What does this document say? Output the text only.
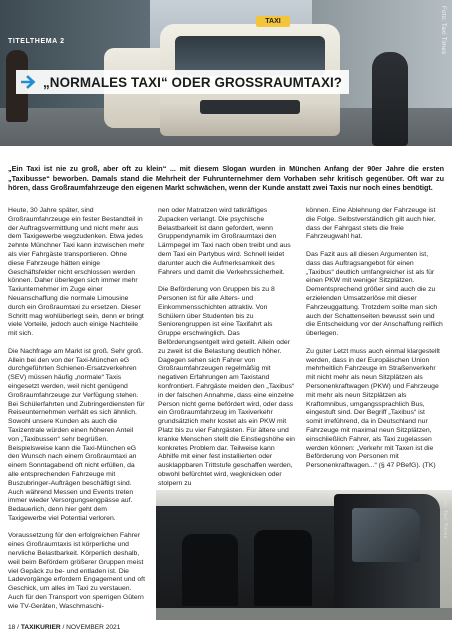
TAXI	Foto: Taxi Times
TITELTHEMA 2
„NORMALES TAXI“ ODER GROSSRAUMTAXI?
„Ein Taxi ist nie zu groß, aber oft zu klein“ ... mit diesem Slogan wurden in München Anfang der 90er Jahre die ersten „Taxibusse“ beworben. Damals stand die Mehrheit der Fuhrunternehmer dem Vorhaben sehr kritisch gegenüber. Oft war zu hören, dass Großraumfahrzeuge den eigenen Markt schwächen, wenn der Kunde anstatt zwei Taxis nur noch eines benötigt.

Heute, 30 Jahre später, sind Großraumfahrzeuge ein fester Bestandteil in der Auftragsvermittlung und nicht mehr aus dem Taxigewerbe wegzudenken. Etwa jedes zehnte Münchner Taxi kann inzwischen mehr als vier Fahrgäste transportieren. Ohne diese Fahrzeuge hätten einige Geschäftsfelder nicht erschlossen werden können. Daher überlegen sich immer mehr Taxiunternehmer im Zuge einer Neuanschaffung die normale Limousine durch ein Großraumtaxi zu ersetzen. Dieser Schritt mag wohlüberlegt sein, denn er bringt viele Vorteile, jedoch auch einige Nachteile mit sich.

Die Nachfrage am Markt ist groß. Sehr groß. Allein bei den von der Taxi-München eG durchgeführten Schienen-Ersatzverkehren (SEV) müssen häufig „normale“ Taxis eingesetzt werden, weil nicht genügend Großraumfahrzeuge zur Verfügung stehen. Bei Schülerfahrten und Zubringerdiensten für Reiseunternehmen verhält es sich ähnlich. Sowohl unsere Kunden als auch die Taxizentrale würden einen höheren Anteil von „Taxibussen“ sehr begrüßen. Beispielsweise kann die Taxi-München eG den Wunsch nach einem Großraumtaxi an einem Sonntagabend oft nicht erfüllen, da alle entsprechenden Fahrzeuge mit Buszubringer-Aufträgen beschäftigt sind. Auch während Messen und Events treten immer wieder Versorgungsengpässe auf. Bedauerlich, denn hier geht dem Taxigewerbe viel Potential verloren.

Voraussetzung für den erfolgreichen Fahrer eines Großraumtaxis ist körperliche und nervliche Belastbarkeit. Körperlich deshalb, weil beim Befördern größerer Gruppen meist viel Gepäck zu be- und entladen ist. Die Ladevorgänge erfordern Engagement und oft Geschick, um alles im Taxi zu verstauen. Auch für den Transport von sperrigen Gütern wie TV-Geräten, Waschmaschi-

nen oder Matratzen wird tatkräftiges Zupacken verlangt. Die psychische Belastbarkeit ist dann gefordert, wenn Gruppendynamik im Großraumtaxi den Lärmpegel im Taxi nach oben treibt und aus dem Taxi ein Partybus wird. Schnell leidet darunter auch die Aufmerksamkeit des Fahrers und damit die Verkehrssicherheit.

Die Beförderung von Gruppen bis zu 8 Personen ist für alle Alters- und Einkommensschichten attraktiv. Von Schülern über Studenten bis zu Seniorengruppen ist eine Taxifahrt als Gruppe erschwinglich. Das Beförderungsentgelt wird geteilt. Allein oder zu zweit ist die Belastung deutlich höher. Dagegen sehen sich Fahrer von Großraumfahrzeugen regelmäßig mit negativen Erfahrungen am Taxistand konfrontiert. Fahrgäste meiden den „Taxibus“ in der falschen Annahme, dass eine einzelne Person nicht gerne befördert wird, oder dass ein Großraumfahrzeug im Taxiverkehr grundsätzlich mehr kostet als ein PKW mit Platz bis zu vier Fahrgästen. Für ältere und kranke Menschen stellt die Einstiegshöhe ein konkretes Problem dar. Teilweise kann Abhilfe mit einer fest installierten oder ausklappbaren Trittstufe geschaffen werden, obwohl befürchtet wird, wegknicken oder stolpern zu

können. Eine Ablehnung der Fahrzeuge ist die Folge. Selbstverständlich gilt auch hier, dass der Fahrgast stets die freie Fahrzeugwahl hat.

Das Fazit aus all diesen Argumenten ist, dass das Auftragsangebot für einen „Taxibus“ deutlich umfangreicher ist als für einen PKW mit weniger Sitzplätzen. Dementsprechend größer sind auch die zu erzielenden Umsatzerlöse mit dieser Fahrzeuggattung. Trotzdem sollte man sich auch der Schattenseiten bewusst sein und die Entscheidung vor der Anschaffung reiflich überlegen.

Zu guter Letzt muss auch einmal klargestellt werden, dass in der Europäischen Union mehrheitlich Fahrzeuge im Straßenverkehr mit nicht mehr als neun Sitzplätzen als Personenkraftwagen (PKW) und Fahrzeuge mit mehr als neun Sitzplätzen als Kraftomnibus, umgangssprachlich Bus, eingestuft sind. Der Begriff „Taxibus“ ist somit irreführend, da in Deutschland nur Fahrzeuge mit maximal neun Sitzplätzen, einschließlich Fahrer, als Taxi zugelassen werden können: „Verkehr mit Taxen ist die Beförderung von Personen mit Personenkraftwagen...“ (§ 47 PBefG). (TK)

Foto: Taxi Times
18 / TAXIKURIER / NOVEMBER 2021
